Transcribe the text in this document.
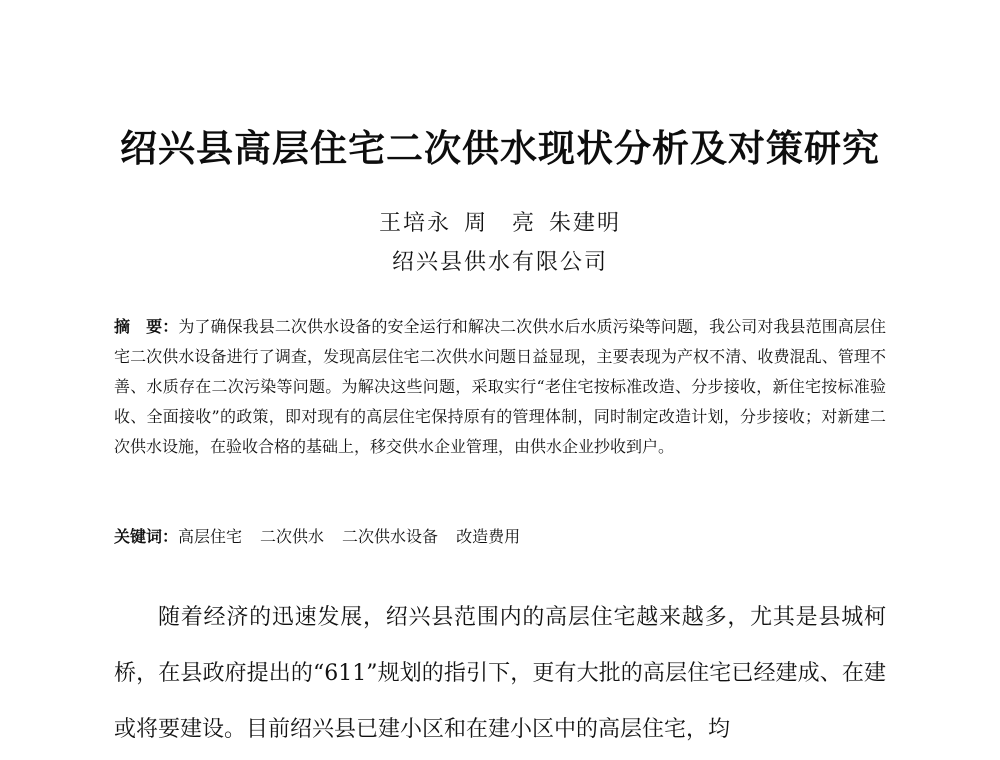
绍兴县高层住宅二次供水现状分析及对策研究
王培永 周　亮 朱建明
绍兴县供水有限公司
摘　要：为了确保我县二次供水设备的安全运行和解决二次供水后水质污染等问题，我公司对我县范围高层住宅二次供水设备进行了调查，发现高层住宅二次供水问题日益显现，主要表现为产权不清、收费混乱、管理不善、水质存在二次污染等问题。为解决这些问题，采取实行“老住宅按标准改造、分步接收，新住宅按标准验收、全面接收”的政策，即对现有的高层住宅保持原有的管理体制，同时制定改造计划，分步接收；对新建二次供水设施，在验收合格的基础上，移交供水企业管理，由供水企业抄收到户。
关键词：高层住宅 二次供水 二次供水设备 改造费用
随着经济的迅速发展，绍兴县范围内的高层住宅越来越多，尤其是县城柯桥，在县政府提出的“611”规划的指引下，更有大批的高层住宅已经建成、在建或将要建设。目前绍兴县已建小区和在建小区中的高层住宅，均
